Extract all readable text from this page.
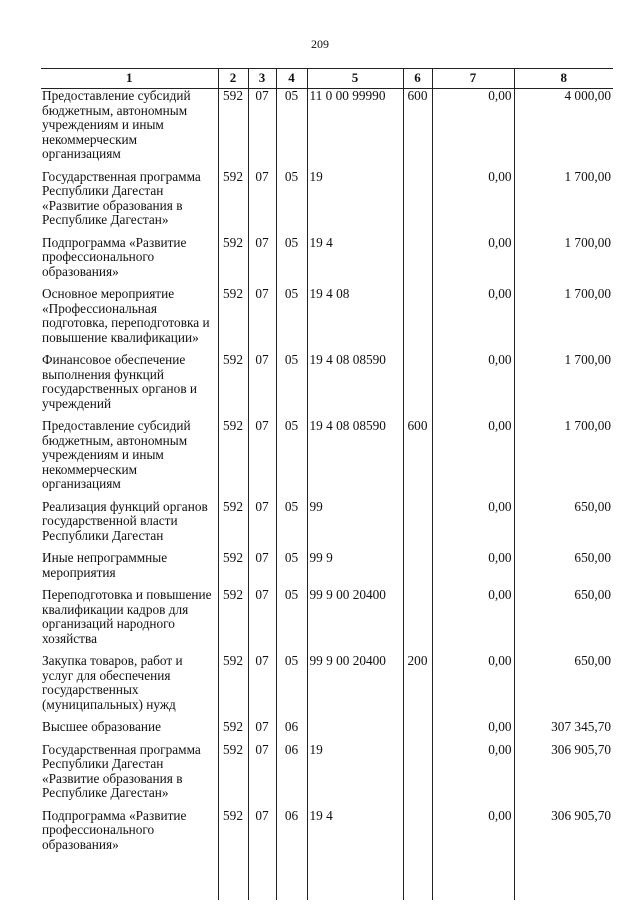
209
1	2	3	4	5	6	7	8
Предоставление субсидий бюджетным, автономным учреждениям и иным некоммерческим организациям	592	07	05	11 0 00 99990	600	0,00	4 000,00

Государственная программа Республики Дагестан «Развитие образования в Республике Дагестан»	592	07	05	19		0,00	1 700,00

Подпрограмма «Развитие профессионального образования»	592	07	05	19 4		0,00	1 700,00

Основное мероприятие «Профессиональная подготовка, переподготовка и повышение квалификации»	592	07	05	19 4 08		0,00	1 700,00

Финансовое обеспечение выполнения функций государственных органов и учреждений	592	07	05	19 4 08 08590		0,00	1 700,00

Предоставление субсидий бюджетным, автономным учреждениям и иным некоммерческим организациям	592	07	05	19 4 08 08590	600	0,00	1 700,00

Реализация функций органов государственной власти Республики Дагестан	592	07	05	99		0,00	650,00

Иные непрограммные мероприятия	592	07	05	99 9		0,00	650,00

Переподготовка и повышение квалификации кадров для организаций народного хозяйства	592	07	05	99 9 00 20400		0,00	650,00

Закупка товаров, работ и услуг для обеспечения государственных (муниципальных) нужд	592	07	05	99 9 00 20400	200	0,00	650,00

Высшее образование	592	07	06			0,00	307 345,70

Государственная программа Республики Дагестан «Развитие образования в Республике Дагестан»	592	07	06	19		0,00	306 905,70

Подпрограмма «Развитие профессионального образования»	592	07	06	19 4		0,00	306 905,70
